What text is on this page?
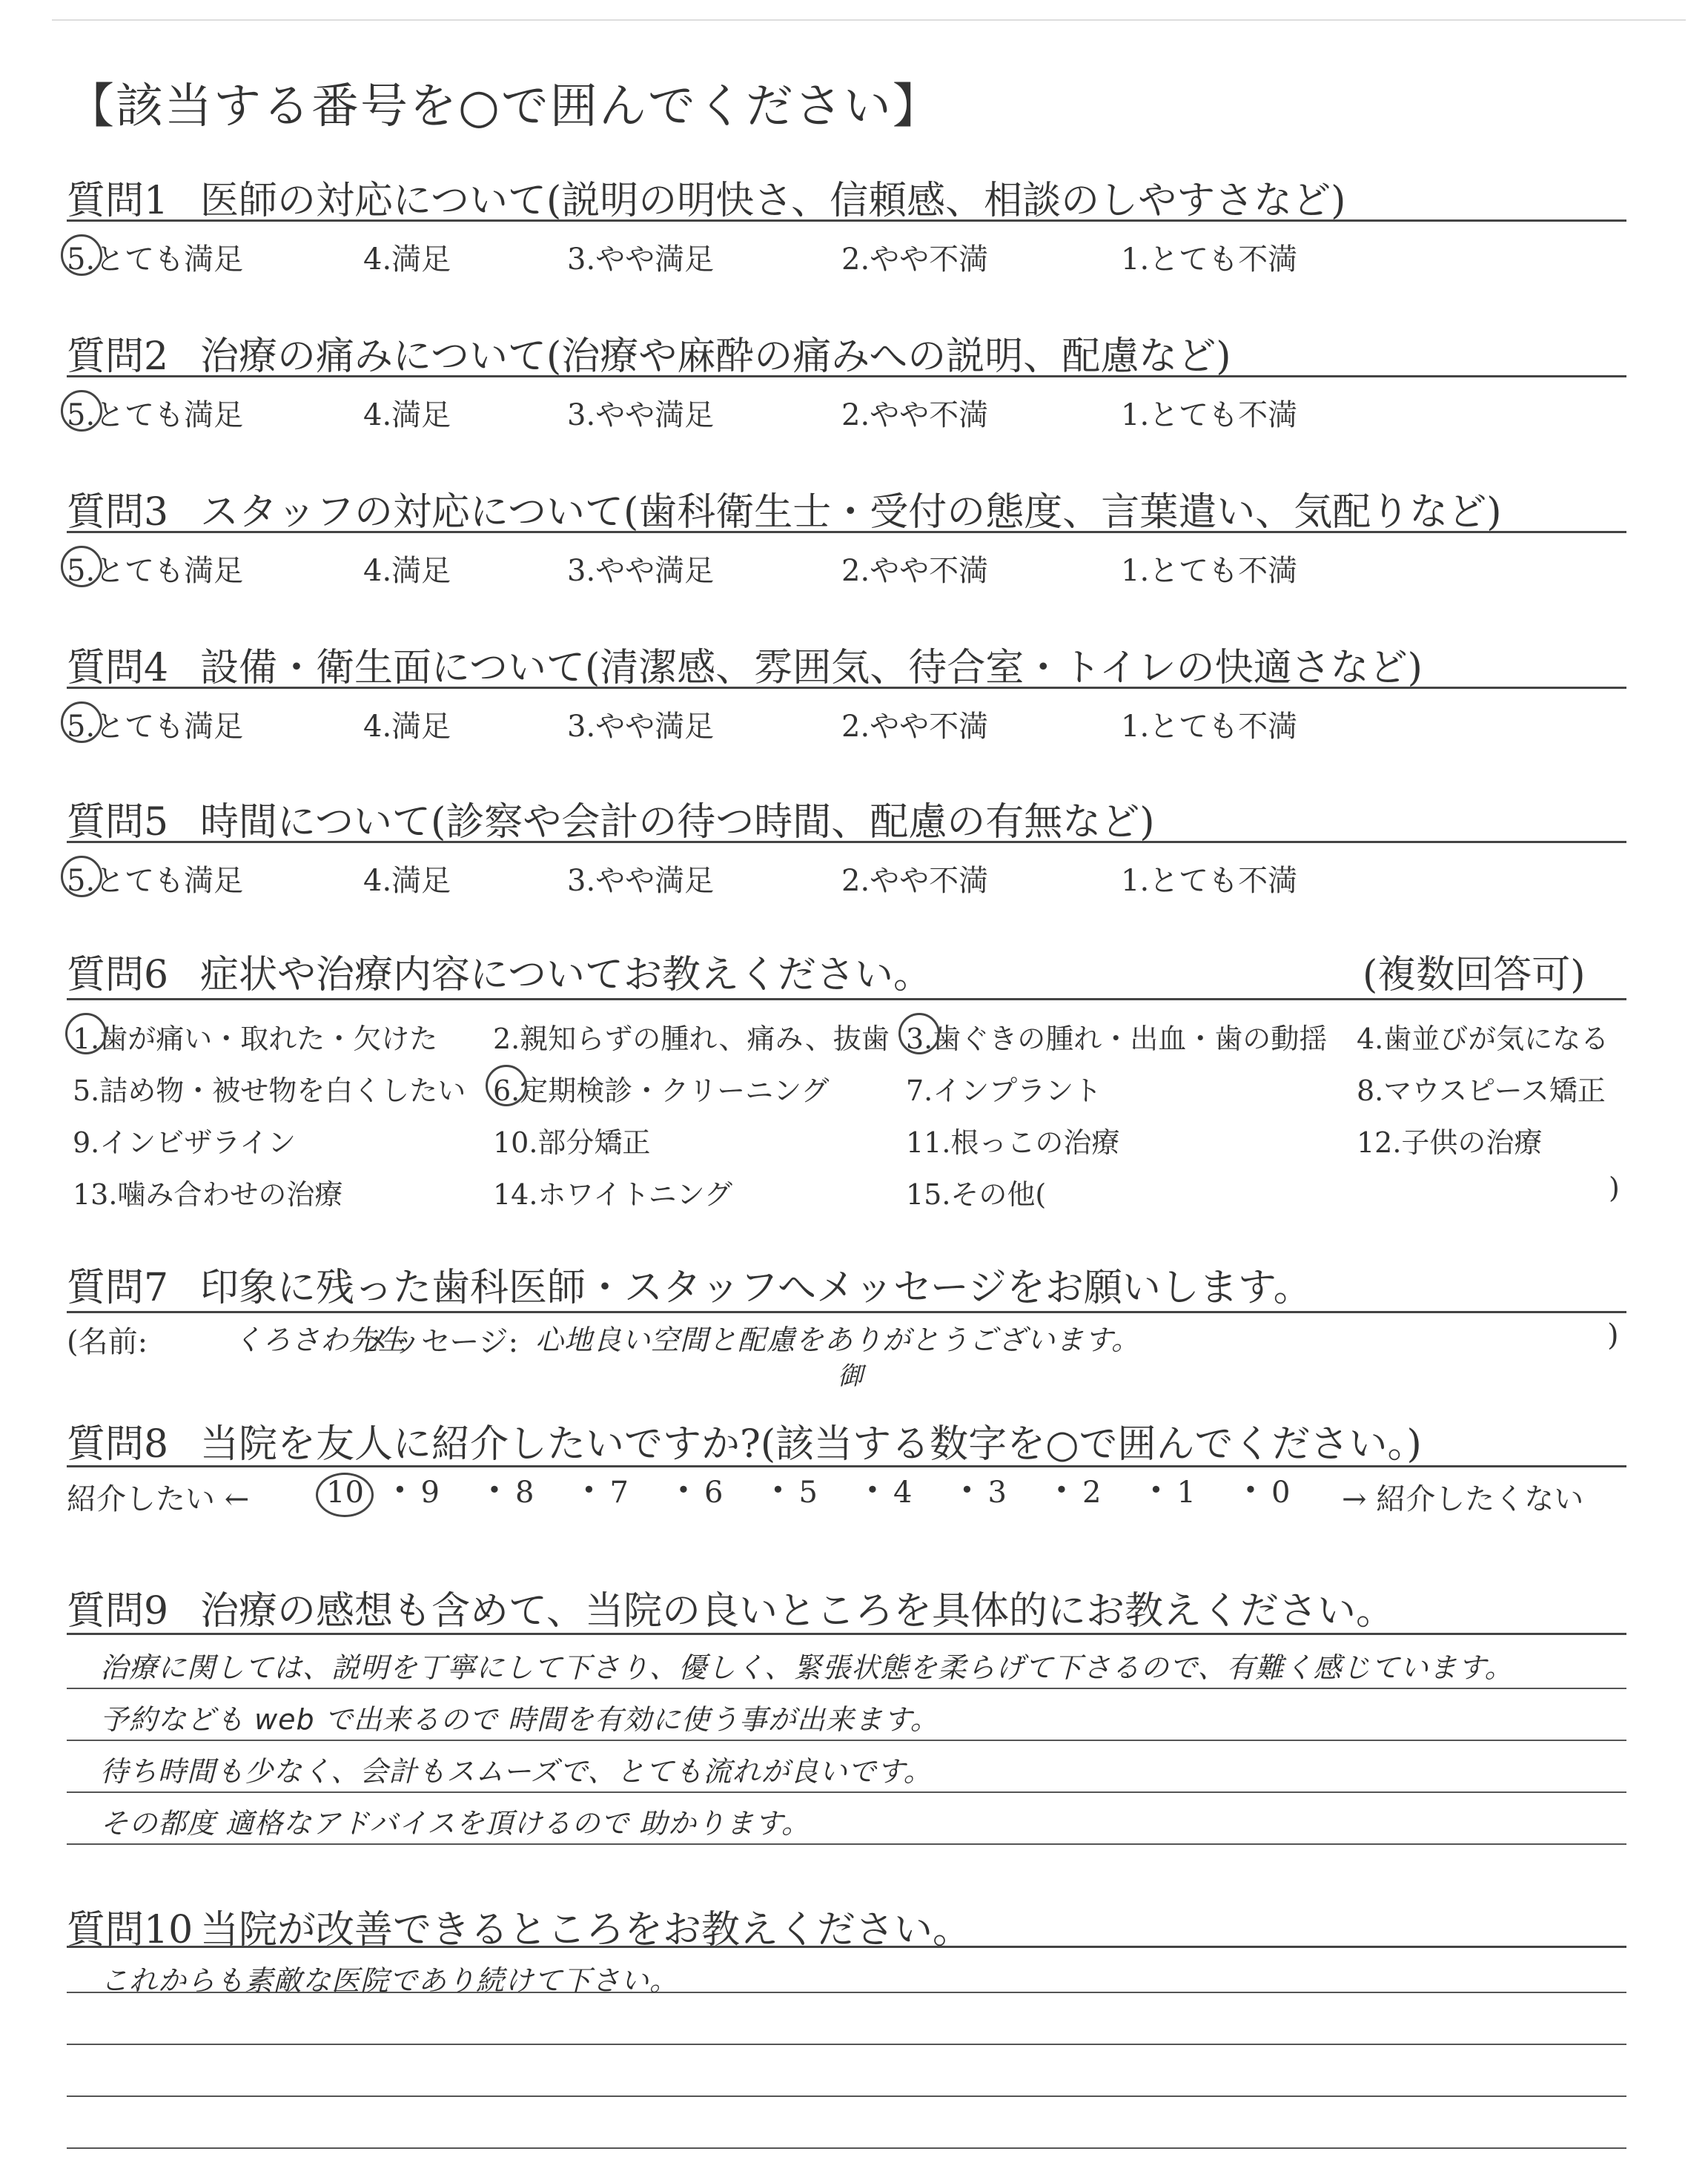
【該当する番号を○で囲んでください】
質問1 医師の対応について(説明の明快さ、信頼感、相談のしやすさなど)
5.とても満足	4.満足	3.やや満足	2.やや不満	1.とても不満
質問2 治療の痛みについて(治療や麻酔の痛みへの説明、配慮など)
5.とても満足	4.満足	3.やや満足	2.やや不満	1.とても不満
質問3 スタッフの対応について(歯科衛生士・受付の態度、言葉遣い、気配りなど)
5.とても満足	4.満足	3.やや満足	2.やや不満	1.とても不満
質問4 設備・衛生面について(清潔感、雰囲気、待合室・トイレの快適さなど)
5.とても満足	4.満足	3.やや満足	2.やや不満	1.とても不満
質問5 時間について(診察や会計の待つ時間、配慮の有無など)
5.とても満足	4.満足	3.やや満足	2.やや不満	1.とても不満
質問6 症状や治療内容についてお教えください。	(複数回答可)
1.歯が痛い・取れた・欠けた 2.親知らずの腫れ、痛み、抜歯 3.歯ぐきの腫れ・出血・歯の動揺 4.歯並びが気になる
5.詰め物・被せ物を白くしたい 6.定期検診・クリーニング	7.インプラント	8.マウスピース矯正
9.インビザライン	10.部分矯正	11.根っこの治療	12.子供の治療
13.噛み合わせの治療	14.ホワイトニング	15.その他(	)
質問7 印象に残った歯科医師・スタッフへメッセージをお願いします。
(名前:	くろさわ先生
メッセージ: 心地良い空間と配慮をありがとうございます。
御
)
質問8 当院を友人に紹介したいですか?(該当する数字を○で囲んでください。)
紹介したい ←	→ 紹介したくない
10 • 9 • 8 • 7 • 6 • 5 • 4 • 3 • 2 • 1 • 0
質問9 治療の感想も含めて、当院の良いところを具体的にお教えください。
治療に関しては、説明を丁寧にして下さり、優しく、緊張状態を柔らげて下さるので、有難く感じています。
予約なども web で出来るので 時間を有効に使う事が出来ます。
待ち時間も少なく、会計もスムーズで、とても流れが良いです。
その都度 適格なアドバイスを頂けるので 助かります。
質問10 当院が改善できるところをお教えください。
これからも素敵な医院であり続けて下さい。
